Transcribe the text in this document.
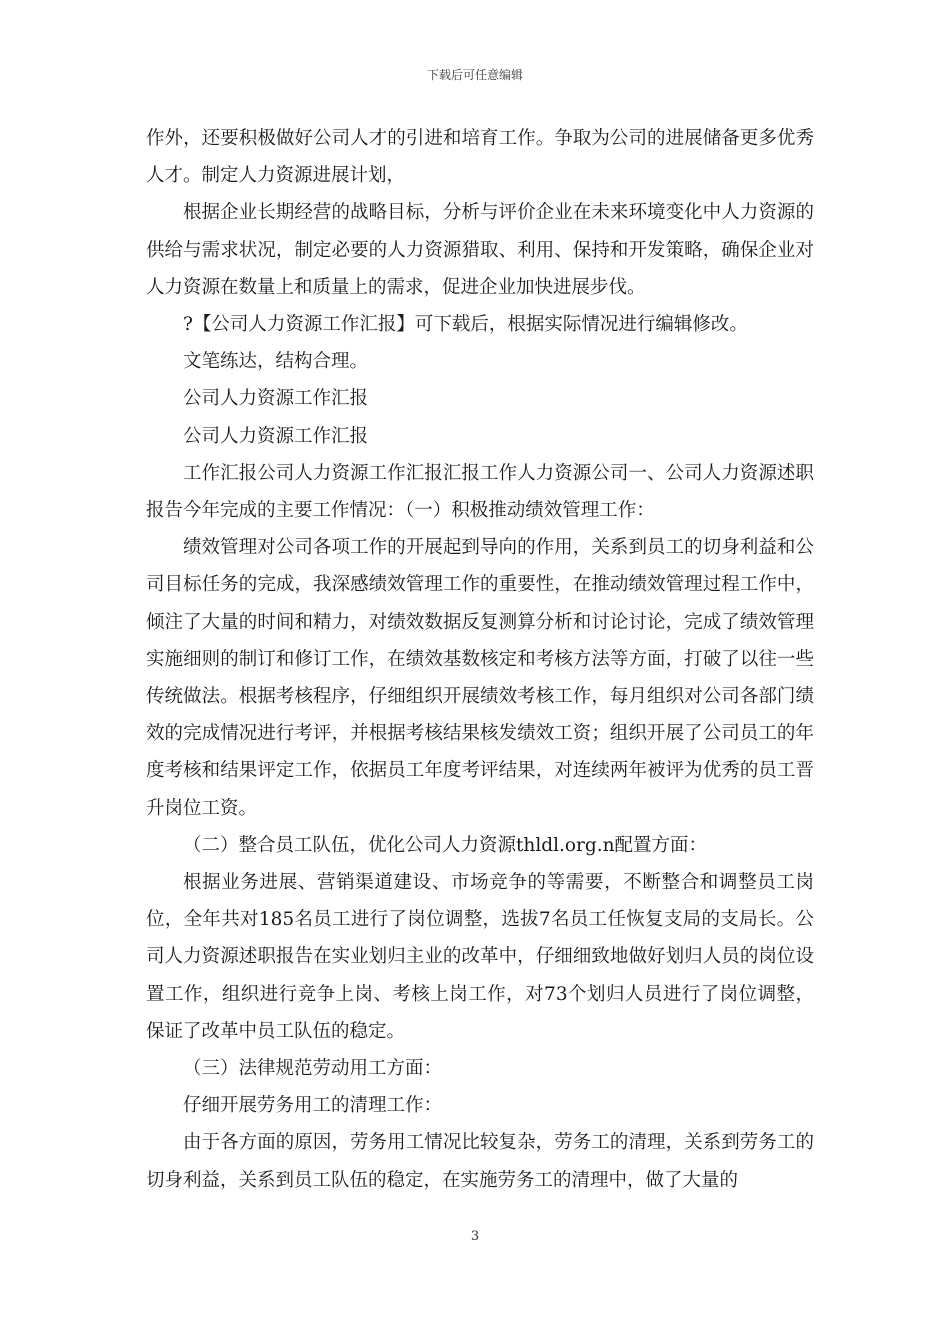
下载后可任意编辑

作外，还要积极做好公司人才的引进和培育工作。争取为公司的进展储备更多优秀人才。制定人力资源进展计划，

根据企业长期经营的战略目标，分析与评价企业在未来环境变化中人力资源的供给与需求状况，制定必要的人力资源猎取、利用、保持和开发策略，确保企业对人力资源在数量上和质量上的需求，促进企业加快进展步伐。

?【公司人力资源工作汇报】可下载后，根据实际情况进行编辑修改。

文笔练达，结构合理。

公司人力资源工作汇报

公司人力资源工作汇报

工作汇报公司人力资源工作汇报汇报工作人力资源公司一、公司人力资源述职报告今年完成的主要工作情况：（一）积极推动绩效管理工作：

绩效管理对公司各项工作的开展起到导向的作用，关系到员工的切身利益和公司目标任务的完成，我深感绩效管理工作的重要性，在推动绩效管理过程工作中，倾注了大量的时间和精力，对绩效数据反复测算分析和讨论讨论，完成了绩效管理实施细则的制订和修订工作，在绩效基数核定和考核方法等方面，打破了以往一些传统做法。根据考核程序，仔细组织开展绩效考核工作，每月组织对公司各部门绩效的完成情况进行考评，并根据考核结果核发绩效工资；组织开展了公司员工的年度考核和结果评定工作，依据员工年度考评结果，对连续两年被评为优秀的员工晋升岗位工资。

（二）整合员工队伍，优化公司人力资源thldl.org.n配置方面：

根据业务进展、营销渠道建设、市场竞争的等需要，不断整合和调整员工岗位，全年共对185名员工进行了岗位调整，选拔7名员工任恢复支局的支局长。公司人力资源述职报告在实业划归主业的改革中，仔细细致地做好划归人员的岗位设置工作，组织进行竞争上岗、考核上岗工作，对73个划归人员进行了岗位调整，保证了改革中员工队伍的稳定。

（三）法律规范劳动用工方面：

仔细开展劳务用工的清理工作：

由于各方面的原因，劳务用工情况比较复杂，劳务工的清理，关系到劳务工的切身利益，关系到员工队伍的稳定，在实施劳务工的清理中，做了大量的

3
